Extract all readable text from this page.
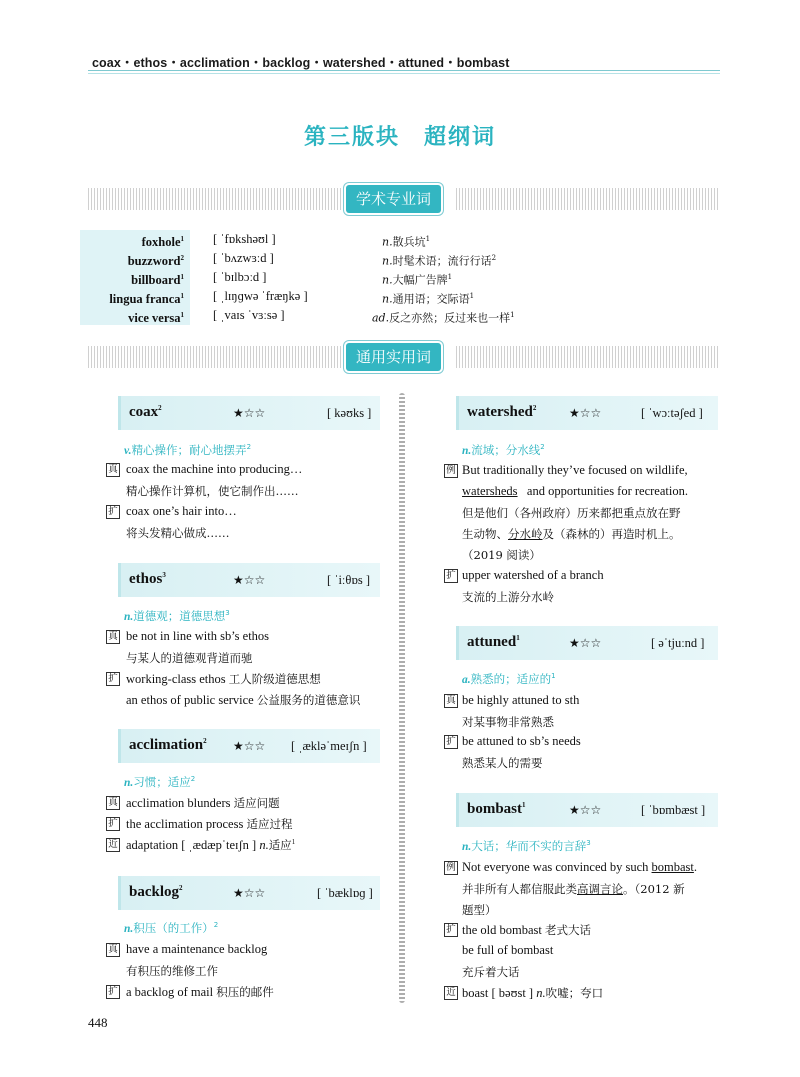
coax・ethos・acclimation・backlog・watershed・attuned・bombast
第三版块　超纲词
学术专业词
foxhole$^1$	[ ˈfɒkshəʊl ]	n.散兵坑$^1$
buzzword$^2$	[ ˈbʌzwɜːd ]	n.时髦术语；流行行话$^2$
billboard$^1$	[ ˈbɪlbɔːd ]	n.大幅广告牌$^1$
lingua franca$^1$	[ ˌlɪŋɡwə ˈfræŋkə ]	n.通用语；交际语$^1$
vice versa$^1$	[ ˌvaɪs ˈvɜːsə ]	ad.反之亦然；反过来也一样$^1$
通用实用词
coax$^2$	★☆☆	[ kəʊks ]
v.精心操作；耐心地摆弄$^2$
真 coax the machine into producing…
精心操作计算机，使它制作出……
扩 coax one’s hair into…
将头发精心做成……
ethos$^3$	★☆☆	[ ˈiːθɒs ]
n.道德观；道德思想$^3$
真 be not in line with sb’s ethos
与某人的道德观背道而驰
扩 working-class ethos 工人阶级道德思想
an ethos of public service 公益服务的道德意识
acclimation$^2$ ★☆☆ [ ˌækləˈmeɪʃn ]
n.习惯；适应$^2$
真 acclimation blunders 适应问题
扩 the acclimation process 适应过程
近 adaptation [ ˌædæpˈteɪʃn ] n.适应$^1$
backlog$^2$	★☆☆	[ ˈbæklɒɡ ]
n.积压（的工作）$^2$
真 have a maintenance backlog
有积压的维修工作
扩 a backlog of mail 积压的邮件
watershed$^2$	★☆☆	[ ˈwɔːtəʃed ]
n.流域；分水线$^2$
例 But traditionally they’ve focused on wildlife,
watersheds and opportunities for recreation.
但是他们（各州政府）历来都把重点放在野
生动物、分水岭及（森林的）再造时机上。
（2019 阅读）
扩 upper watershed of a branch
支流的上游分水岭
attuned$^1$	★☆☆	[ əˈtjuːnd ]
a.熟悉的；适应的$^1$
真 be highly attuned to sth
对某事物非常熟悉
扩 be attuned to sb’s needs
熟悉某人的需要
bombast$^1$	★☆☆	[ ˈbɒmbæst ]
n.大话；华而不实的言辞$^3$
例 Not everyone was convinced by such bombast.
并非所有人都信服此类高调言论。（2012 新
题型）
扩 the old bombast 老式大话
be full of bombast
充斥着大话
近 boast [ bəʊst ] n.吹嘘；夸口
448
